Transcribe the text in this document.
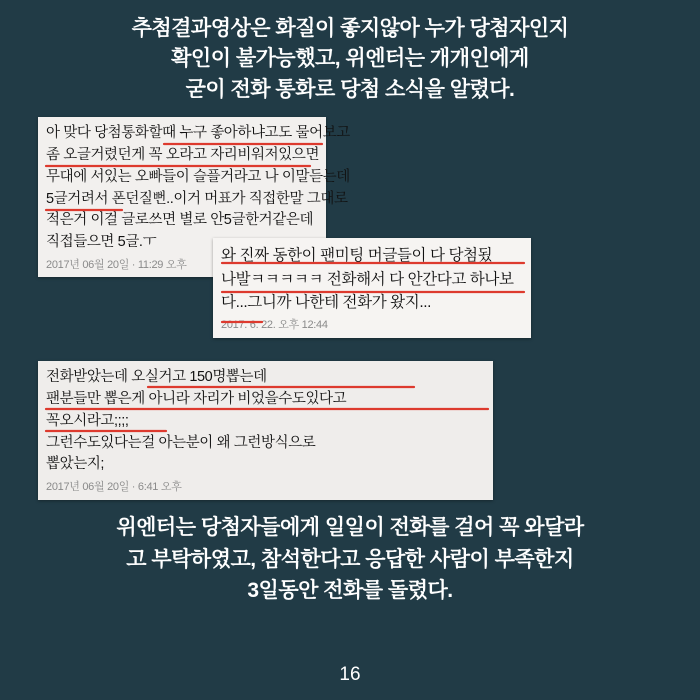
추첨결과영상은 화질이 좋지않아 누가 당첨자인지
확인이 불가능했고, 위엔터는 개개인에게
굳이 전화 통화로 당첨 소식을 알렸다.
아 맞다 당첨통화할때 누구 좋아하냐고도 물어보고
좀 오글거렸던게 꼭 오라고 자리비워저있으면
무대에 서있는 오빠들이 슬플거라고 나 이말듣는데
5글거려서 폰던질뻔..이거 머표가 직접한말 그대로
적은거 이걸 글로쓰면 별로 안5글한거같은데
직접들으면 5글.ㅜ
2017년 06월 20일 · 11:29 오후
와 진짜 동한이 팬미팅 머글들이 다 당첨됬
나발ㅋㅋㅋㅋㅋ 전화해서 다 안간다고 하나보
다...그니까 나한테 전화가 왔지...
2017. 6. 22. 오후 12:44
전화받았는데 오실거고 150명뽑는데
팬분들만 뽑은게 아니라 자리가 비었을수도있다고
꼭오시라고;;;;
그런수도있다는걸 아는분이 왜 그런방식으로
뽑았는지;
2017년 06월 20일 · 6:41 오후
위엔터는 당첨자들에게 일일이 전화를 걸어 꼭 와달라
고 부탁하였고, 참석한다고 응답한 사람이 부족한지
3일동안 전화를 돌렸다.
16
